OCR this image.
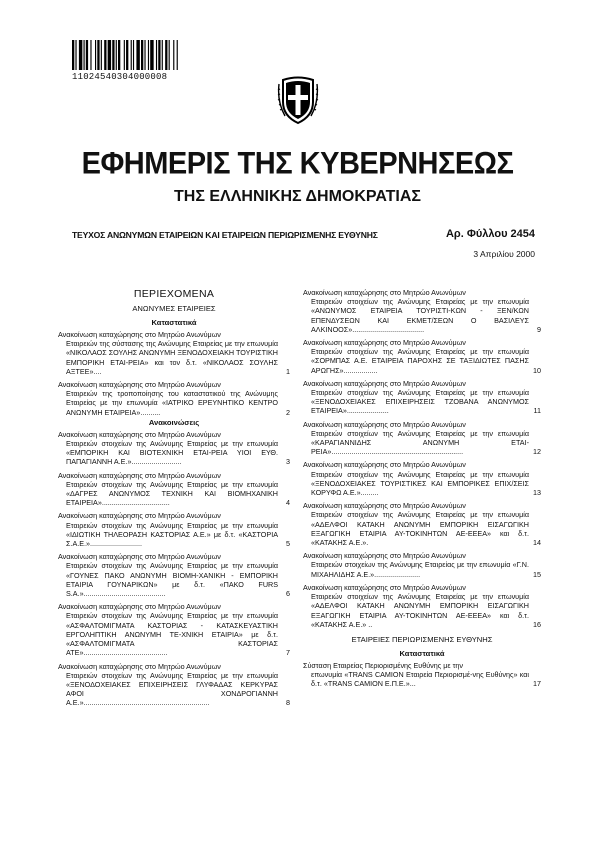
11024540304000008
ΕΦΗΜΕΡΙΣ ΤΗΣ ΚΥΒΕΡΝΗΣΕΩΣ
ΤΗΣ ΕΛΛΗΝΙΚΗΣ ΔΗΜΟΚΡΑΤΙΑΣ
ΤΕΥΧΟΣ ΑΝΩΝΥΜΩΝ ΕΤΑΙΡΕΙΩΝ ΚΑΙ ΕΤΑΙΡΕΙΩΝ ΠΕΡΙΩΡΙΣΜΕΝΗΣ ΕΥΘΥΝΗΣ	Αρ. Φύλλου 2454
3 Απριλίου 2000
ΠΕΡΙΕΧΟΜΕΝΑ
ΑΝΩΝΥΜΕΣ ΕΤΑΙΡΕΙΕΣ
Καταστατικά
Ανακοίνωση καταχώρησης στο Μητρώο Ανωνύμων
Εταιρειών της σύστασης της Ανώνυμης Εταιρείας με την επωνυμία «ΝΙΚΟΛΑΟΣ ΣΟΥΛΗΣ ΑΝΩΝΥΜΗ ΞΕΝΟΔΟΧΕΙΑΚΗ ΤΟΥΡΙΣΤΙΚΗ ΕΜΠΟΡΙΚΗ ΕΤΑΙ-ΡΕΙΑ» και τον δ.τ. «ΝΙΚΟΛΑΟΣ ΣΟΥΛΗΣ ΑΞΤΕΕ»....	1
Ανακοίνωση καταχώρησης στο Μητρώο Ανωνύμων
Εταιρειών της τροποποίησης του καταστατικού της Ανώνυμης Εταιρείας με την επωνυμία «ΙΑΤΡΙΚΟ ΕΡΕΥΝΗΤΙΚΟ ΚΕΝΤΡΟ ΑΝΩΝΥΜΗ ΕΤΑΙΡΕΙΑ»..........	2
Ανακοινώσεις
Ανακοίνωση καταχώρησης στο Μητρώο Ανωνύμων
Εταιρειών στοιχείων της Ανώνυμης Εταιρείας με την επωνυμία «ΕΜΠΟΡΙΚΗ ΚΑΙ ΒΙΟΤΕΧΝΙΚΗ ΕΤΑΙ-ΡΕΙΑ ΥΙΟΙ ΕΥΘ. ΠΑΠΑΓΙΑΝΝΗ Α.Ε.».........................	3
Ανακοίνωση καταχώρησης στο Μητρώο Ανωνύμων
Εταιρειών στοιχείων της Ανώνυμης Εταιρείας με την επωνυμία «ΔΑΓΡΕΣ ΑΝΩΝΥΜΟΣ ΤΕΧΝΙΚΗ ΚΑΙ ΒΙΟΜΗΧΑΝΙΚΗ ΕΤΑΙΡΕΙΑ»..................................	4
Ανακοίνωση καταχώρησης στο Μητρώο Ανωνύμων
Εταιρειών στοιχείων της Ανώνυμης Εταιρείας με την επωνυμία «ΙΔΙΩΤΙΚΗ ΤΗΛΕΟΡΑΣΗ ΚΑΣΤΟΡΙΑΣ Α.Ε.» με δ.τ. «ΚΑΣΤΟΡΙΑ Σ.Α.Ε.»..........................	5
Ανακοίνωση καταχώρησης στο Μητρώο Ανωνύμων
Εταιρειών στοιχείων της Ανώνυμης Εταιρείας με την επωνυμία «ΓΟΥΝΕΣ ΠΑΚΟ ΑΝΩΝΥΜΗ ΒΙΟΜΗ-ΧΑΝΙΚΗ - ΕΜΠΟΡΙΚΗ ΕΤΑΙΡΙΑ ΓΟΥΝΑΡΙΚΩΝ» με δ.τ. «ΠΑΚΟ FURS S.A.».........................................	6
Ανακοίνωση καταχώρησης στο Μητρώο Ανωνύμων
Εταιρειών στοιχείων της Ανώνυμης Εταιρείας με την επωνυμία «ΑΣΦΑΛΤΟΜΙΓΜΑΤΑ ΚΑΣΤΟΡΙΑΣ - ΚΑΤΑΣΚΕΥΑΣΤΙΚΗ ΕΡΓΟΛΗΠΤΙΚΗ ΑΝΩΝΥΜΗ ΤΕ-ΧΝΙΚΗ ΕΤΑΙΡΙΑ» με δ.τ. «ΑΣΦΑΛΤΟΜΙΓΜΑΤΑ ΚΑΣΤΟΡΙΑΣ ΑΤΕ»..........................................	7
Ανακοίνωση καταχώρησης στο Μητρώο Ανωνύμων
Εταιρειών στοιχείων της Ανώνυμης Εταιρείας με την επωνυμία «ΞΕΝΟΔΟΧΕΙΑΚΕΣ ΕΠΙΧΕΙΡΗΣΕΙΣ ΓΛΥΦΑΔΑΣ ΚΕΡΚΥΡΑΣ ΑΦΟΙ ΧΟΝΔΡΟΓΙΑΝΝΗ Α.Ε.»...............................................................	8
Ανακοίνωση καταχώρησης στο Μητρώο Ανωνύμων
Εταιρειών στοιχείων της Ανώνυμης Εταιρείας με την επωνυμία «ΑΝΩΝΥΜΟΣ ΕΤΑΙΡΕΙΑ ΤΟΥΡΙΣΤΙ-ΚΩΝ - ΞΕΝ/ΚΩΝ ΕΠΕΝΔΥΣΕΩΝ ΚΑΙ ΕΚΜΕΤ/ΣΕΩΝ Ο ΒΑΣΙΛΕΥΣ ΑΛΚΙΝΟΟΣ»....................................	9
Ανακοίνωση καταχώρησης στο Μητρώο Ανωνύμων
Εταιρειών στοιχείων της Ανώνυμης Εταιρείας με την επωνυμία «ΣΟΡΜΠΑΣ Α.Ε. ΕΤΑΙΡΕΙΑ ΠΑΡΟΧΗΣ ΣΕ ΤΑΞΙΔΙΩΤΕΣ ΠΑΣΗΣ ΑΡΩΓΗΣ».................	10
Ανακοίνωση καταχώρησης στο Μητρώο Ανωνύμων
Εταιρειών στοιχείων της Ανώνυμης Εταιρείας με την επωνυμία «ΞΕΝΟΔΟΧΕΙΑΚΕΣ ΕΠΙΧΕΙΡΗΣΕΙΣ ΤΖΟΒΑΝΑ ΑΝΩΝΥΜΟΣ ΕΤΑΙΡΕΙΑ».....................	11
Ανακοίνωση καταχώρησης στο Μητρώο Ανωνύμων
Εταιρειών στοιχείων της Ανώνυμης Εταιρείας με την επωνυμία «ΚΑΡΑΓΙΑΝΝΙΔΗΣ ΑΝΩΝΥΜΗ ΕΤΑΙ-ΡΕΙΑ»..................................................................	12
Ανακοίνωση καταχώρησης στο Μητρώο Ανωνύμων
Εταιρειών στοιχείων της Ανώνυμης Εταιρείας με την επωνυμία «ΞΕΝΟΔΟΧΕΙΑΚΕΣ ΤΟΥΡΙΣΤΙΚΕΣ ΚΑΙ ΕΜΠΟΡΙΚΕΣ ΕΠΙΧ/ΣΕΙΣ ΚΟΡΥΦΩ Α.Ε.».........	13
Ανακοίνωση καταχώρησης στο Μητρώο Ανωνύμων
Εταιρειών στοιχείων της Ανώνυμης Εταιρείας με την επωνυμία «ΑΔΕΛΦΟΙ ΚΑΤΑΚΗ ΑΝΩΝΥΜΗ ΕΜΠΟΡΙΚΗ ΕΙΣΑΓΩΓΙΚΗ ΕΞΑΓΩΓΙΚΗ ΕΤΑΙΡΙΑ ΑΥ-ΤΟΚΙΝΗΤΩΝ ΑΕ-ΕΕΕΑ» και δ.τ. «ΚΑΤΑΚΗΣ Α.Ε.».	14
Ανακοίνωση καταχώρησης στο Μητρώο Ανωνύμων
Εταιρειών στοιχείων της Ανώνυμης Εταιρείας με την επωνυμία «Γ.Ν. ΜΙΧΑΗΛΙΔΗΣ Α.Ε.».......................	15
Ανακοίνωση καταχώρησης στο Μητρώο Ανωνύμων
Εταιρειών στοιχείων της Ανώνυμης Εταιρείας με την επωνυμία «ΑΔΕΛΦΟΙ ΚΑΤΑΚΗ ΑΝΩΝΥΜΗ ΕΜΠΟΡΙΚΗ ΕΙΣΑΓΩΓΙΚΗ ΕΞΑΓΩΓΙΚΗ ΕΤΑΙΡΙΑ ΑΥ-ΤΟΚΙΝΗΤΩΝ ΑΕ-ΕΕΕΑ» και δ.τ. «ΚΑΤΑΚΗΣ Α.Ε.» ..	16
ΕΤΑΙΡΕΙΕΣ ΠΕΡΙΩΡΙΣΜΕΝΗΣ ΕΥΘΥΝΗΣ
Καταστατικά
Σύσταση Εταιρείας Περιορισμένης Ευθύνης με την
επωνυμία «TRANS CAMION Εταιρεία Περιορισμέ-νης Ευθύνης» και δ.τ. «TRANS CAMION Ε.Π.Ε.»...	17
